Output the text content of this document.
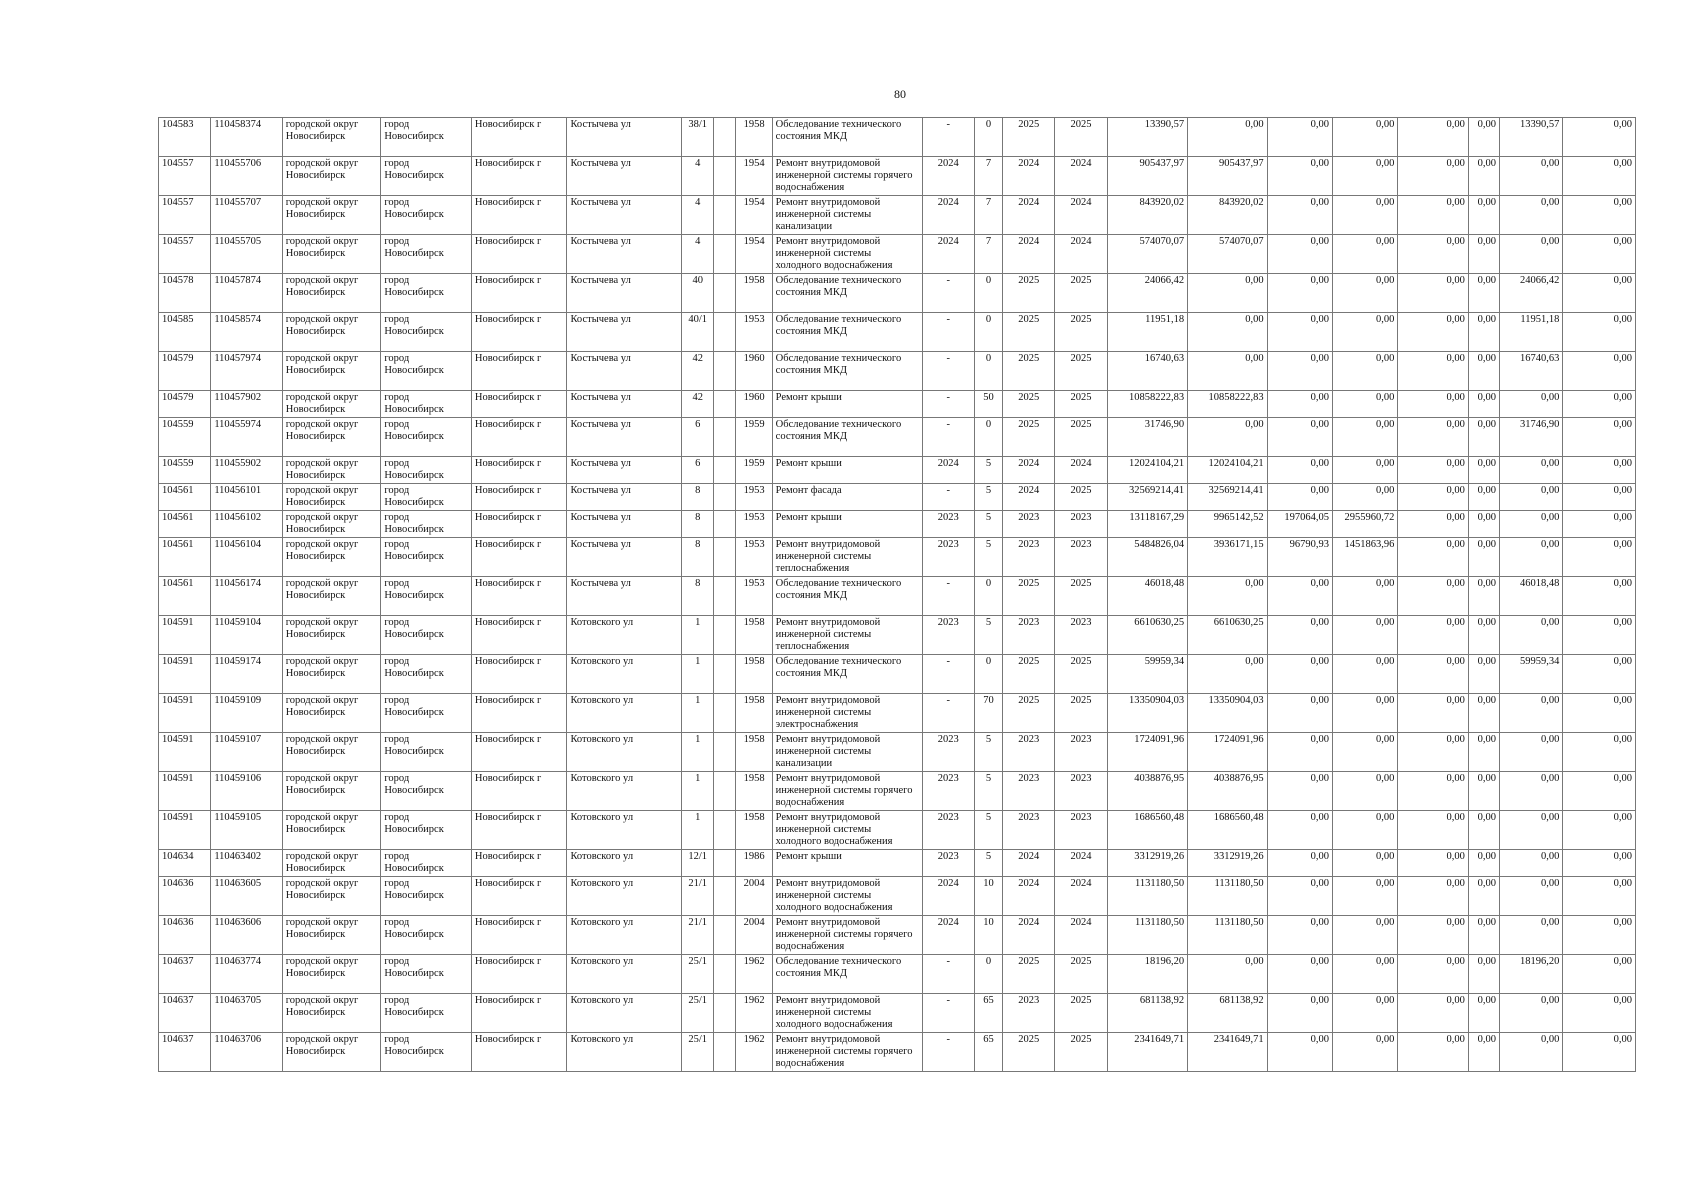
80
104583	110458374	городской округ Новосибирск	город Новосибирск	Новосибирск г	Костычева ул	38/1		1958	Обследование технического состояния МКД	-	0	2025	2025	13390,57	0,00	0,00	0,00	0,00	0,00	13390,57	0,00
104557	110455706	городской округ Новосибирск	город Новосибирск	Новосибирск г	Костычева ул	4		1954	Ремонт внутридомовой инженерной системы горячего водоснабжения	2024	7	2024	2024	905437,97	905437,97	0,00	0,00	0,00	0,00	0,00	0,00
104557	110455707	городской округ Новосибирск	город Новосибирск	Новосибирск г	Костычева ул	4		1954	Ремонт внутридомовой инженерной системы канализации	2024	7	2024	2024	843920,02	843920,02	0,00	0,00	0,00	0,00	0,00	0,00
104557	110455705	городской округ Новосибирск	город Новосибирск	Новосибирск г	Костычева ул	4		1954	Ремонт внутридомовой инженерной системы холодного водоснабжения	2024	7	2024	2024	574070,07	574070,07	0,00	0,00	0,00	0,00	0,00	0,00
104578	110457874	городской округ Новосибирск	город Новосибирск	Новосибирск г	Костычева ул	40		1958	Обследование технического состояния МКД	-	0	2025	2025	24066,42	0,00	0,00	0,00	0,00	0,00	24066,42	0,00
104585	110458574	городской округ Новосибирск	город Новосибирск	Новосибирск г	Костычева ул	40/1		1953	Обследование технического состояния МКД	-	0	2025	2025	11951,18	0,00	0,00	0,00	0,00	0,00	11951,18	0,00
104579	110457974	городской округ Новосибирск	город Новосибирск	Новосибирск г	Костычева ул	42		1960	Обследование технического состояния МКД	-	0	2025	2025	16740,63	0,00	0,00	0,00	0,00	0,00	16740,63	0,00
104579	110457902	городской округ Новосибирск	город Новосибирск	Новосибирск г	Костычева ул	42		1960	Ремонт крыши	-	50	2025	2025	10858222,83	10858222,83	0,00	0,00	0,00	0,00	0,00	0,00
104559	110455974	городской округ Новосибирск	город Новосибирск	Новосибирск г	Костычева ул	6		1959	Обследование технического состояния МКД	-	0	2025	2025	31746,90	0,00	0,00	0,00	0,00	0,00	31746,90	0,00
104559	110455902	городской округ Новосибирск	город Новосибирск	Новосибирск г	Костычева ул	6		1959	Ремонт крыши	2024	5	2024	2024	12024104,21	12024104,21	0,00	0,00	0,00	0,00	0,00	0,00
104561	110456101	городской округ Новосибирск	город Новосибирск	Новосибирск г	Костычева ул	8		1953	Ремонт фасада	-	5	2024	2025	32569214,41	32569214,41	0,00	0,00	0,00	0,00	0,00	0,00
104561	110456102	городской округ Новосибирск	город Новосибирск	Новосибирск г	Костычева ул	8		1953	Ремонт крыши	2023	5	2023	2023	13118167,29	9965142,52	197064,05	2955960,72	0,00	0,00	0,00	0,00
104561	110456104	городской округ Новосибирск	город Новосибирск	Новосибирск г	Костычева ул	8		1953	Ремонт внутридомовой инженерной системы теплоснабжения	2023	5	2023	2023	5484826,04	3936171,15	96790,93	1451863,96	0,00	0,00	0,00	0,00
104561	110456174	городской округ Новосибирск	город Новосибирск	Новосибирск г	Костычева ул	8		1953	Обследование технического состояния МКД	-	0	2025	2025	46018,48	0,00	0,00	0,00	0,00	0,00	46018,48	0,00
104591	110459104	городской округ Новосибирск	город Новосибирск	Новосибирск г	Котовского ул	1		1958	Ремонт внутридомовой инженерной системы теплоснабжения	2023	5	2023	2023	6610630,25	6610630,25	0,00	0,00	0,00	0,00	0,00	0,00
104591	110459174	городской округ Новосибирск	город Новосибирск	Новосибирск г	Котовского ул	1		1958	Обследование технического состояния МКД	-	0	2025	2025	59959,34	0,00	0,00	0,00	0,00	0,00	59959,34	0,00
104591	110459109	городской округ Новосибирск	город Новосибирск	Новосибирск г	Котовского ул	1		1958	Ремонт внутридомовой инженерной системы электроснабжения	-	70	2025	2025	13350904,03	13350904,03	0,00	0,00	0,00	0,00	0,00	0,00
104591	110459107	городской округ Новосибирск	город Новосибирск	Новосибирск г	Котовского ул	1		1958	Ремонт внутридомовой инженерной системы канализации	2023	5	2023	2023	1724091,96	1724091,96	0,00	0,00	0,00	0,00	0,00	0,00
104591	110459106	городской округ Новосибирск	город Новосибирск	Новосибирск г	Котовского ул	1		1958	Ремонт внутридомовой инженерной системы горячего водоснабжения	2023	5	2023	2023	4038876,95	4038876,95	0,00	0,00	0,00	0,00	0,00	0,00
104591	110459105	городской округ Новосибирск	город Новосибирск	Новосибирск г	Котовского ул	1		1958	Ремонт внутридомовой инженерной системы холодного водоснабжения	2023	5	2023	2023	1686560,48	1686560,48	0,00	0,00	0,00	0,00	0,00	0,00
104634	110463402	городской округ Новосибирск	город Новосибирск	Новосибирск г	Котовского ул	12/1		1986	Ремонт крыши	2023	5	2024	2024	3312919,26	3312919,26	0,00	0,00	0,00	0,00	0,00	0,00
104636	110463605	городской округ Новосибирск	город Новосибирск	Новосибирск г	Котовского ул	21/1		2004	Ремонт внутридомовой инженерной системы холодного водоснабжения	2024	10	2024	2024	1131180,50	1131180,50	0,00	0,00	0,00	0,00	0,00	0,00
104636	110463606	городской округ Новосибирск	город Новосибирск	Новосибирск г	Котовского ул	21/1		2004	Ремонт внутридомовой инженерной системы горячего водоснабжения	2024	10	2024	2024	1131180,50	1131180,50	0,00	0,00	0,00	0,00	0,00	0,00
104637	110463774	городской округ Новосибирск	город Новосибирск	Новосибирск г	Котовского ул	25/1		1962	Обследование технического состояния МКД	-	0	2025	2025	18196,20	0,00	0,00	0,00	0,00	0,00	18196,20	0,00
104637	110463705	городской округ Новосибирск	город Новосибирск	Новосибирск г	Котовского ул	25/1		1962	Ремонт внутридомовой инженерной системы холодного водоснабжения	-	65	2023	2025	681138,92	681138,92	0,00	0,00	0,00	0,00	0,00	0,00
104637	110463706	городской округ Новосибирск	город Новосибирск	Новосибирск г	Котовского ул	25/1		1962	Ремонт внутридомовой инженерной системы горячего водоснабжения	-	65	2025	2025	2341649,71	2341649,71	0,00	0,00	0,00	0,00	0,00	0,00
